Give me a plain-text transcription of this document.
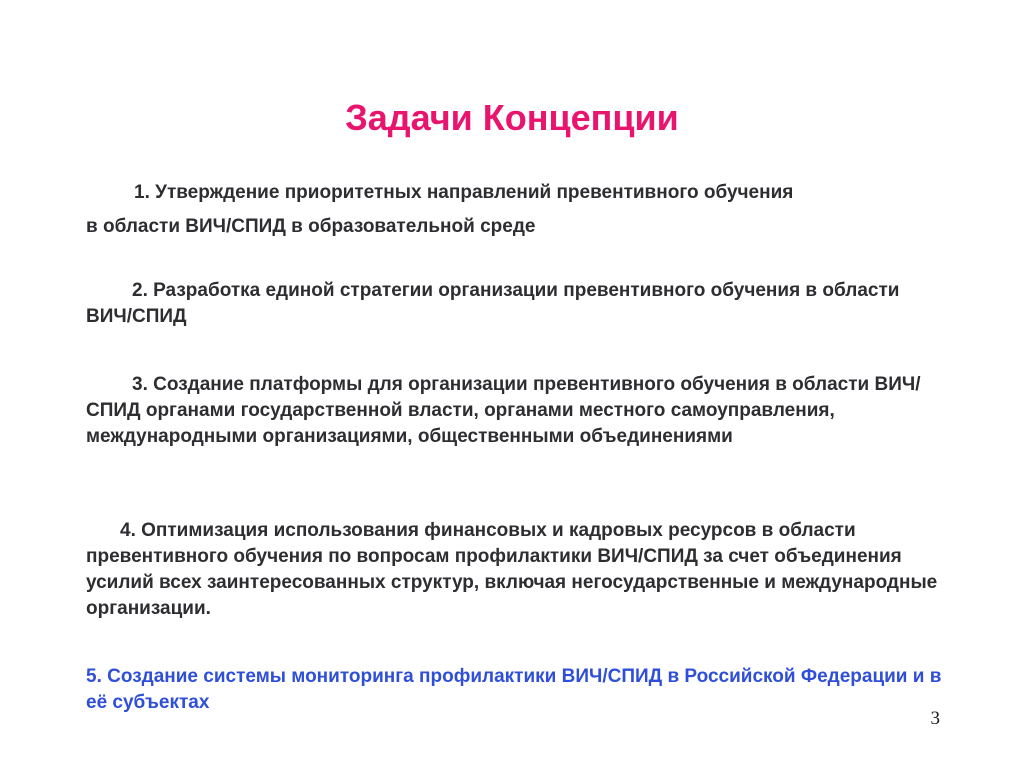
Задачи Концепции

1. Утверждение приоритетных направлений превентивного обучения
в области ВИЧ/СПИД в образовательной среде

2. Разработка единой стратегии организации превентивного обучения в области ВИЧ/СПИД

3. Создание платформы для организации превентивного обучения в области ВИЧ/СПИД органами государственной власти, органами местного самоуправления, международными организациями, общественными объединениями

4. Оптимизация использования финансовых и кадровых ресурсов в области превентивного обучения по вопросам профилактики ВИЧ/СПИД за счет объединения усилий всех заинтересованных структур, включая негосударственные и международные организации.

5. Создание системы мониторинга профилактики ВИЧ/СПИД в Российской Федерации и в её субъектах

3
